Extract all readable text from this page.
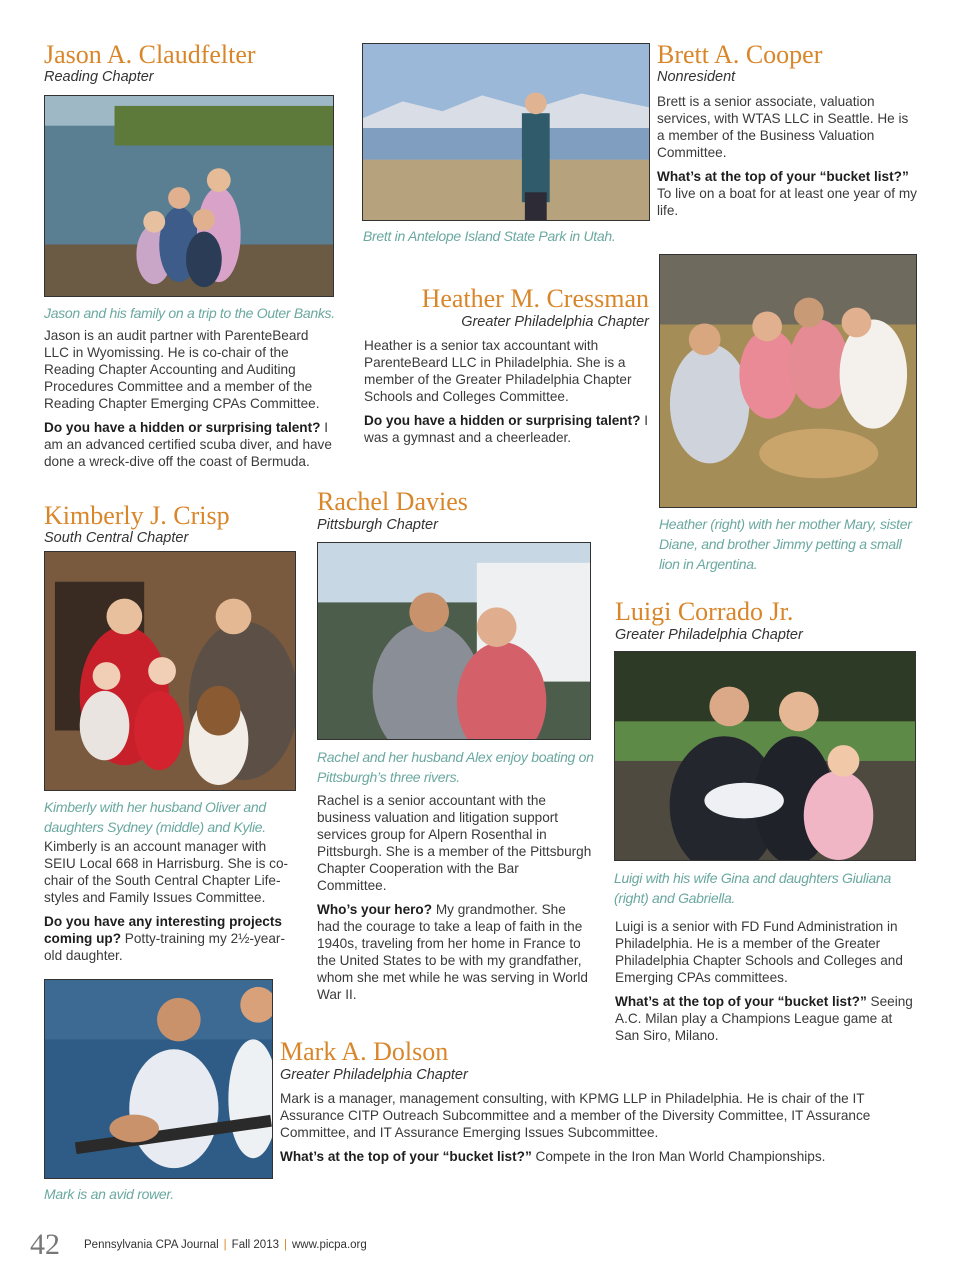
Jason A. Claudfelter
Reading Chapter
Jason and his family on a trip to the Outer Banks.

Jason is an audit partner with ParenteBeard LLC in Wyomissing. He is co-chair of the Reading Chapter Accounting and Auditing Procedures Committee and a member of the Reading Chapter Emerging CPAs Committee.

Do you have a hidden or surprising talent? I am an advanced certified scuba diver, and have done a wreck-dive off the coast of Bermuda.

Brett in Antelope Island State Park in Utah.
Brett A. Cooper
Nonresident

Brett is a senior associate, valuation services, with WTAS LLC in Seattle. He is a member of the Business Valuation Committee.

What’s at the top of your “bucket list?” To live on a boat for at least one year of my life.

Heather M. Cressman
Greater Philadelphia Chapter

Heather is a senior tax accountant with ParenteBeard LLC in Philadelphia. She is a member of the Greater Philadelphia Chapter Schools and Colleges Committee.

Do you have a hidden or surprising talent? I was a gymnast and a cheerleader.

Heather (right) with her mother Mary, sister Diane, and brother Jimmy petting a small lion in Argentina.
Kimberly J. Crisp
South Central Chapter
Kimberly with her husband Oliver and daughters Sydney (middle) and Kylie.

Kimberly is an account manager with SEIU Local 668 in Harrisburg. She is co-chair of the South Central Chapter Life-styles and Family Issues Committee.

Do you have any interesting projects coming up? Potty-training my 2½-year-old daughter.

Rachel Davies
Pittsburgh Chapter
Rachel and her husband Alex enjoy boating on Pittsburgh’s three rivers.

Rachel is a senior accountant with the business valuation and litigation support services group for Alpern Rosenthal in Pittsburgh. She is a member of the Pittsburgh Chapter Cooperation with the Bar Committee.

Who’s your hero? My grandmother. She had the courage to take a leap of faith in the 1940s, traveling from her home in France to the United States to be with my grandfather, whom she met while he was serving in World War II.

Luigi Corrado Jr.
Greater Philadelphia Chapter
Luigi with his wife Gina and daughters Giuliana (right) and Gabriella.

Luigi is a senior with FD Fund Administration in Philadelphia. He is a member of the Greater Philadelphia Chapter Schools and Colleges and Emerging CPAs committees.

What’s at the top of your “bucket list?” Seeing A.C. Milan play a Champions League game at San Siro, Milano.

Mark is an avid rower.
Mark A. Dolson
Greater Philadelphia Chapter

Mark is a manager, management consulting, with KPMG LLP in Philadelphia. He is chair of the IT Assurance CITP Outreach Subcommittee and a member of the Diversity Committee, IT Assurance Committee, and IT Assurance Emerging Issues Subcommittee.

What’s at the top of your “bucket list?” Compete in the Iron Man World Championships.

42 Pennsylvania CPA Journal | Fall 2013 | www.picpa.org
